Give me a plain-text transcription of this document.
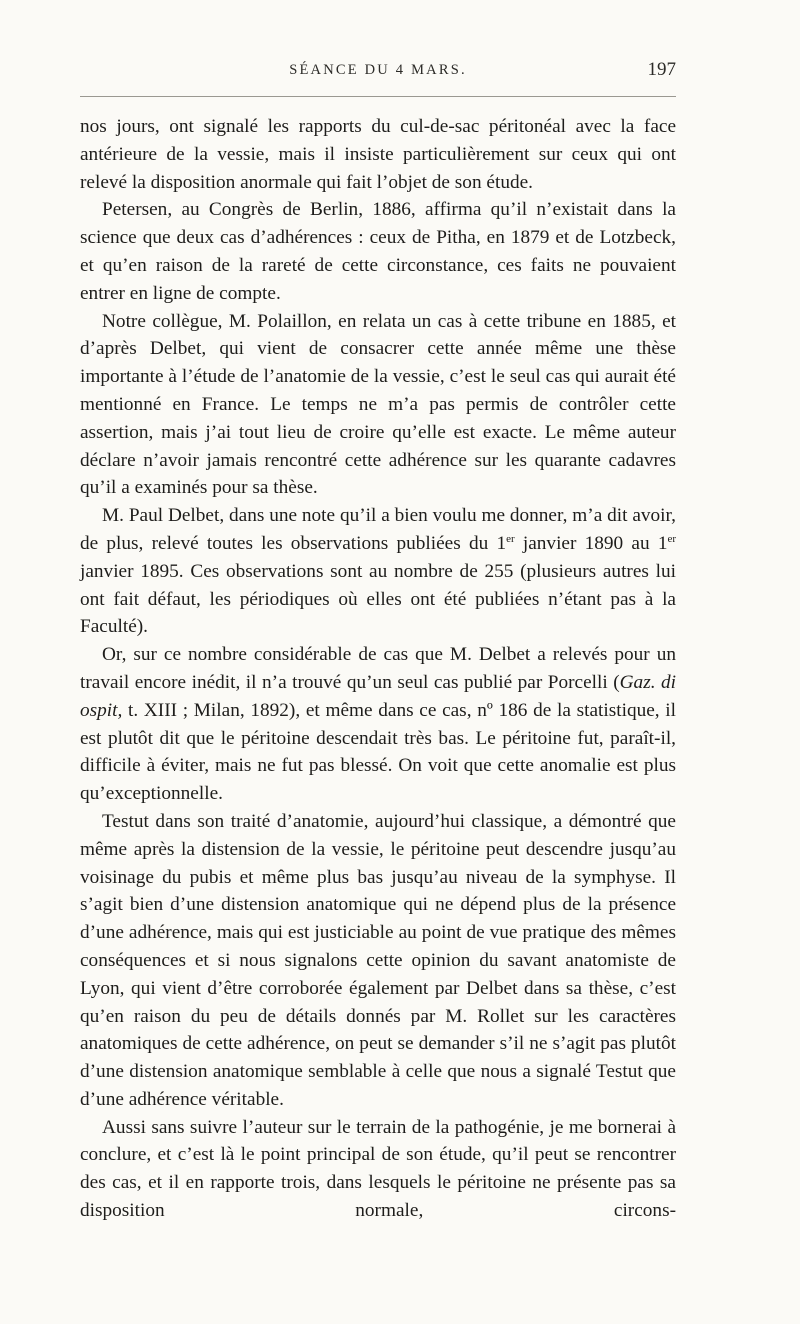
SÉANCE DU 4 MARS.	197

nos jours, ont signalé les rapports du cul-de-sac péritonéal avec la face antérieure de la vessie, mais il insiste particulièrement sur ceux qui ont relevé la disposition anormale qui fait l’objet de son étude.

Petersen, au Congrès de Berlin, 1886, affirma qu’il n’existait dans la science que deux cas d’adhérences : ceux de Pitha, en 1879 et de Lotzbeck, et qu’en raison de la rareté de cette circonstance, ces faits ne pouvaient entrer en ligne de compte.

Notre collègue, M. Polaillon, en relata un cas à cette tribune en 1885, et d’après Delbet, qui vient de consacrer cette année même une thèse importante à l’étude de l’anatomie de la vessie, c’est le seul cas qui aurait été mentionné en France. Le temps ne m’a pas permis de contrôler cette assertion, mais j’ai tout lieu de croire qu’elle est exacte. Le même auteur déclare n’avoir jamais rencontré cette adhérence sur les quarante cadavres qu’il a examinés pour sa thèse.

M. Paul Delbet, dans une note qu’il a bien voulu me donner, m’a dit avoir, de plus, relevé toutes les observations publiées du 1er janvier 1890 au 1er janvier 1895. Ces observations sont au nombre de 255 (plusieurs autres lui ont fait défaut, les périodiques où elles ont été publiées n’étant pas à la Faculté).

Or, sur ce nombre considérable de cas que M. Delbet a relevés pour un travail encore inédit, il n’a trouvé qu’un seul cas publié par Porcelli (Gaz. di ospit, t. XIII ; Milan, 1892), et même dans ce cas, nº 186 de la statistique, il est plutôt dit que le péritoine descendait très bas. Le péritoine fut, paraît-il, difficile à éviter, mais ne fut pas blessé. On voit que cette anomalie est plus qu’exceptionnelle.

Testut dans son traité d’anatomie, aujourd’hui classique, a démontré que même après la distension de la vessie, le péritoine peut descendre jusqu’au voisinage du pubis et même plus bas jusqu’au niveau de la symphyse. Il s’agit bien d’une distension anatomique qui ne dépend plus de la présence d’une adhérence, mais qui est justiciable au point de vue pratique des mêmes conséquences et si nous signalons cette opinion du savant anatomiste de Lyon, qui vient d’être corroborée également par Delbet dans sa thèse, c’est qu’en raison du peu de détails donnés par M. Rollet sur les caractères anatomiques de cette adhérence, on peut se demander s’il ne s’agit pas plutôt d’une distension anatomique semblable à celle que nous a signalé Testut que d’une adhérence véritable.

Aussi sans suivre l’auteur sur le terrain de la pathogénie, je me bornerai à conclure, et c’est là le point principal de son étude, qu’il peut se rencontrer des cas, et il en rapporte trois, dans lesquels le péritoine ne présente pas sa disposition normale, circons-
